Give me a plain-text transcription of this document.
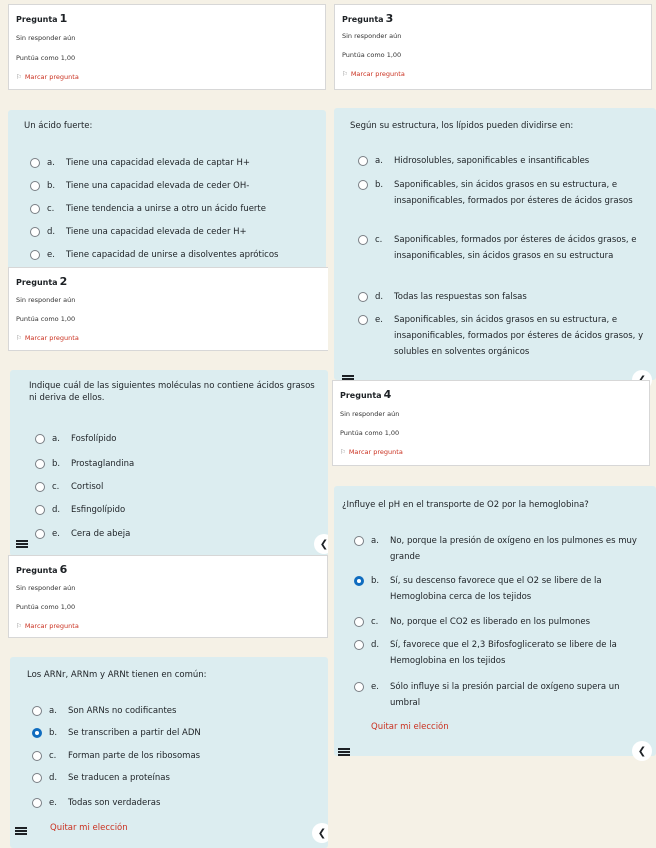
Pregunta 1
Sin responder aún
Puntúa como 1,00
⚐ Marcar pregunta
Un ácido fuerte:
a.	Tiene una capacidad elevada de captar H+
b.	Tiene una capacidad elevada de ceder OH-
c.	Tiene tendencia a unirse a otro un ácido fuerte
d.	Tiene una capacidad elevada de ceder H+
e.	Tiene capacidad de unirse a disolventes apróticos
Pregunta 2
Sin responder aún
Puntúa como 1,00
⚐ Marcar pregunta
Indique cuál de las siguientes moléculas no contiene ácidos grasos ni deriva de ellos.
a.	Fosfolípido
b.	Prostaglandina
c.	Cortisol
d.	Esfingolípido
e.	Cera de abeja
❮
Pregunta 6
Sin responder aún
Puntúa como 1,00
⚐ Marcar pregunta
Los ARNr, ARNm y ARNt tienen en común:
a.	Son ARNs no codificantes
b.	Se transcriben a partir del ADN
c.	Forman parte de los ribosomas
d.	Se traducen a proteínas
e.	Todas son verdaderas
Quitar mi elección	❮
Pregunta 3
Sin responder aún
Puntúa como 1,00
⚐ Marcar pregunta
Según su estructura, los lípidos pueden dividirse en:
a.	Hidrosolubles, saponificables e insantificables
b.	Saponificables, sin ácidos grasos en su estructura, e insaponificables, formados por ésteres de ácidos grasos
c.	Saponificables, formados por ésteres de ácidos grasos, e insaponificables, sin ácidos grasos en su estructura
d.	Todas las respuestas son falsas
e.	Saponificables, sin ácidos grasos en su estructura, e insaponificables, formados por ésteres de ácidos grasos, y solubles en solventes orgánicos
Pregunta 4
Sin responder aún
Puntúa como 1,00
⚐ Marcar pregunta
¿Influye el pH en el transporte de O2 por la hemoglobina?
a.	No, porque la presión de oxígeno en los pulmones es muy grande
b.	Sí, su descenso favorece que el O2 se libere de la Hemoglobina cerca de los tejidos
c.	No, porque el CO2 es liberado en los pulmones
d.	Sí, favorece que el 2,3 Bifosfoglicerato se libere de la Hemoglobina en los tejidos
e.	Sólo influye si la presión parcial de oxígeno supera un umbral
Quitar mi elección
❮
